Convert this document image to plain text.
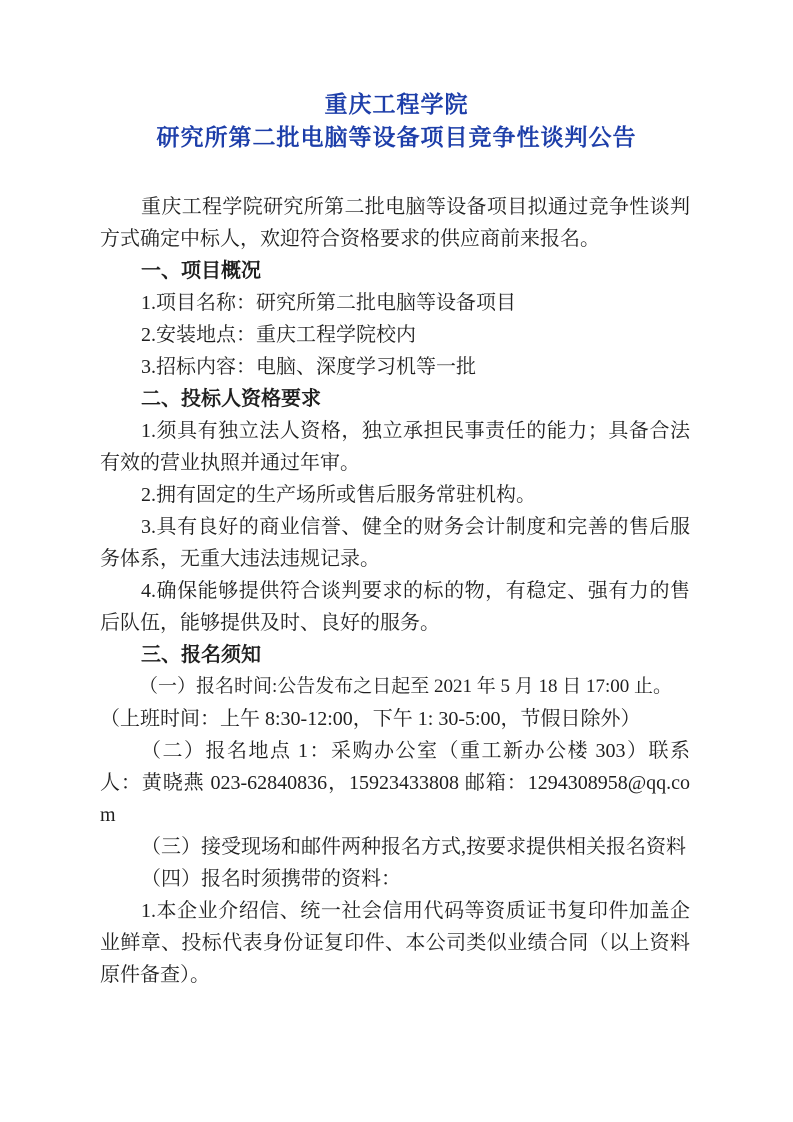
重庆工程学院
研究所第二批电脑等设备项目竞争性谈判公告

重庆工程学院研究所第二批电脑等设备项目拟通过竞争性谈判方式确定中标人，欢迎符合资格要求的供应商前来报名。

一、项目概况

1.项目名称：研究所第二批电脑等设备项目

2.安装地点：重庆工程学院校内

3.招标内容：电脑、深度学习机等一批

二、投标人资格要求

1.须具有独立法人资格，独立承担民事责任的能力；具备合法有效的营业执照并通过年审。

2.拥有固定的生产场所或售后服务常驻机构。

3.具有良好的商业信誉、健全的财务会计制度和完善的售后服务体系，无重大违法违规记录。

4.确保能够提供符合谈判要求的标的物，有稳定、强有力的售后队伍，能够提供及时、良好的服务。

三、报名须知

（一）报名时间:公告发布之日起至 2021 年 5 月 18 日 17:00 止。

（上班时间：上午 8:30-12:00，下午 1: 30-5:00，节假日除外）

（二）报名地点 1：采购办公室（重工新办公楼 303）联系人：黄晓燕 023-62840836，15923433808 邮箱：1294308958@qq.com

（三）接受现场和邮件两种报名方式,按要求提供相关报名资料

（四）报名时须携带的资料：

1.本企业介绍信、统一社会信用代码等资质证书复印件加盖企业鲜章、投标代表身份证复印件、本公司类似业绩合同（以上资料原件备查）。
